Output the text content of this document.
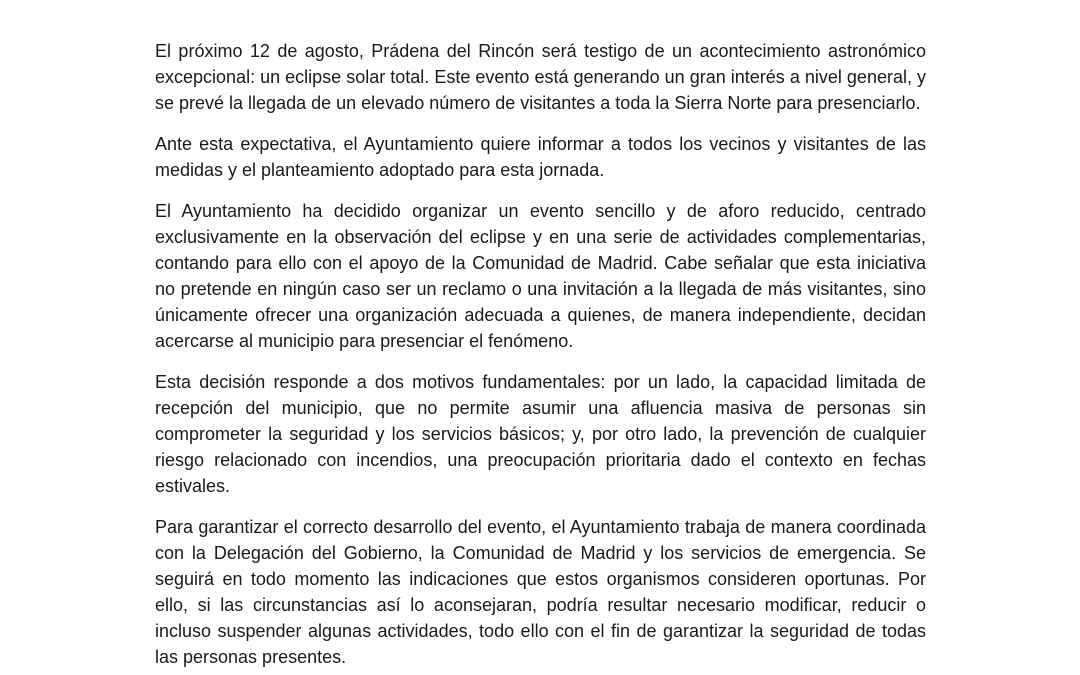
El próximo 12 de agosto, Prádena del Rincón será testigo de un acontecimiento astronómico excepcional: un eclipse solar total. Este evento está generando un gran interés a nivel general, y se prevé la llegada de un elevado número de visitantes a toda la Sierra Norte para presenciarlo.

Ante esta expectativa, el Ayuntamiento quiere informar a todos los vecinos y visitantes de las medidas y el planteamiento adoptado para esta jornada.

El Ayuntamiento ha decidido organizar un evento sencillo y de aforo reducido, centrado exclusivamente en la observación del eclipse y en una serie de actividades complementarias, contando para ello con el apoyo de la Comunidad de Madrid. Cabe señalar que esta iniciativa no pretende en ningún caso ser un reclamo o una invitación a la llegada de más visitantes, sino únicamente ofrecer una organización adecuada a quienes, de manera independiente, decidan acercarse al municipio para presenciar el fenómeno.

Esta decisión responde a dos motivos fundamentales: por un lado, la capacidad limitada de recepción del municipio, que no permite asumir una afluencia masiva de personas sin comprometer la seguridad y los servicios básicos; y, por otro lado, la prevención de cualquier riesgo relacionado con incendios, una preocupación prioritaria dado el contexto en fechas estivales.

Para garantizar el correcto desarrollo del evento, el Ayuntamiento trabaja de manera coordinada con la Delegación del Gobierno, la Comunidad de Madrid y los servicios de emergencia. Se seguirá en todo momento las indicaciones que estos organismos consideren oportunas. Por ello, si las circunstancias así lo aconsejaran, podría resultar necesario modificar, reducir o incluso suspender algunas actividades, todo ello con el fin de garantizar la seguridad de todas las personas presentes.
